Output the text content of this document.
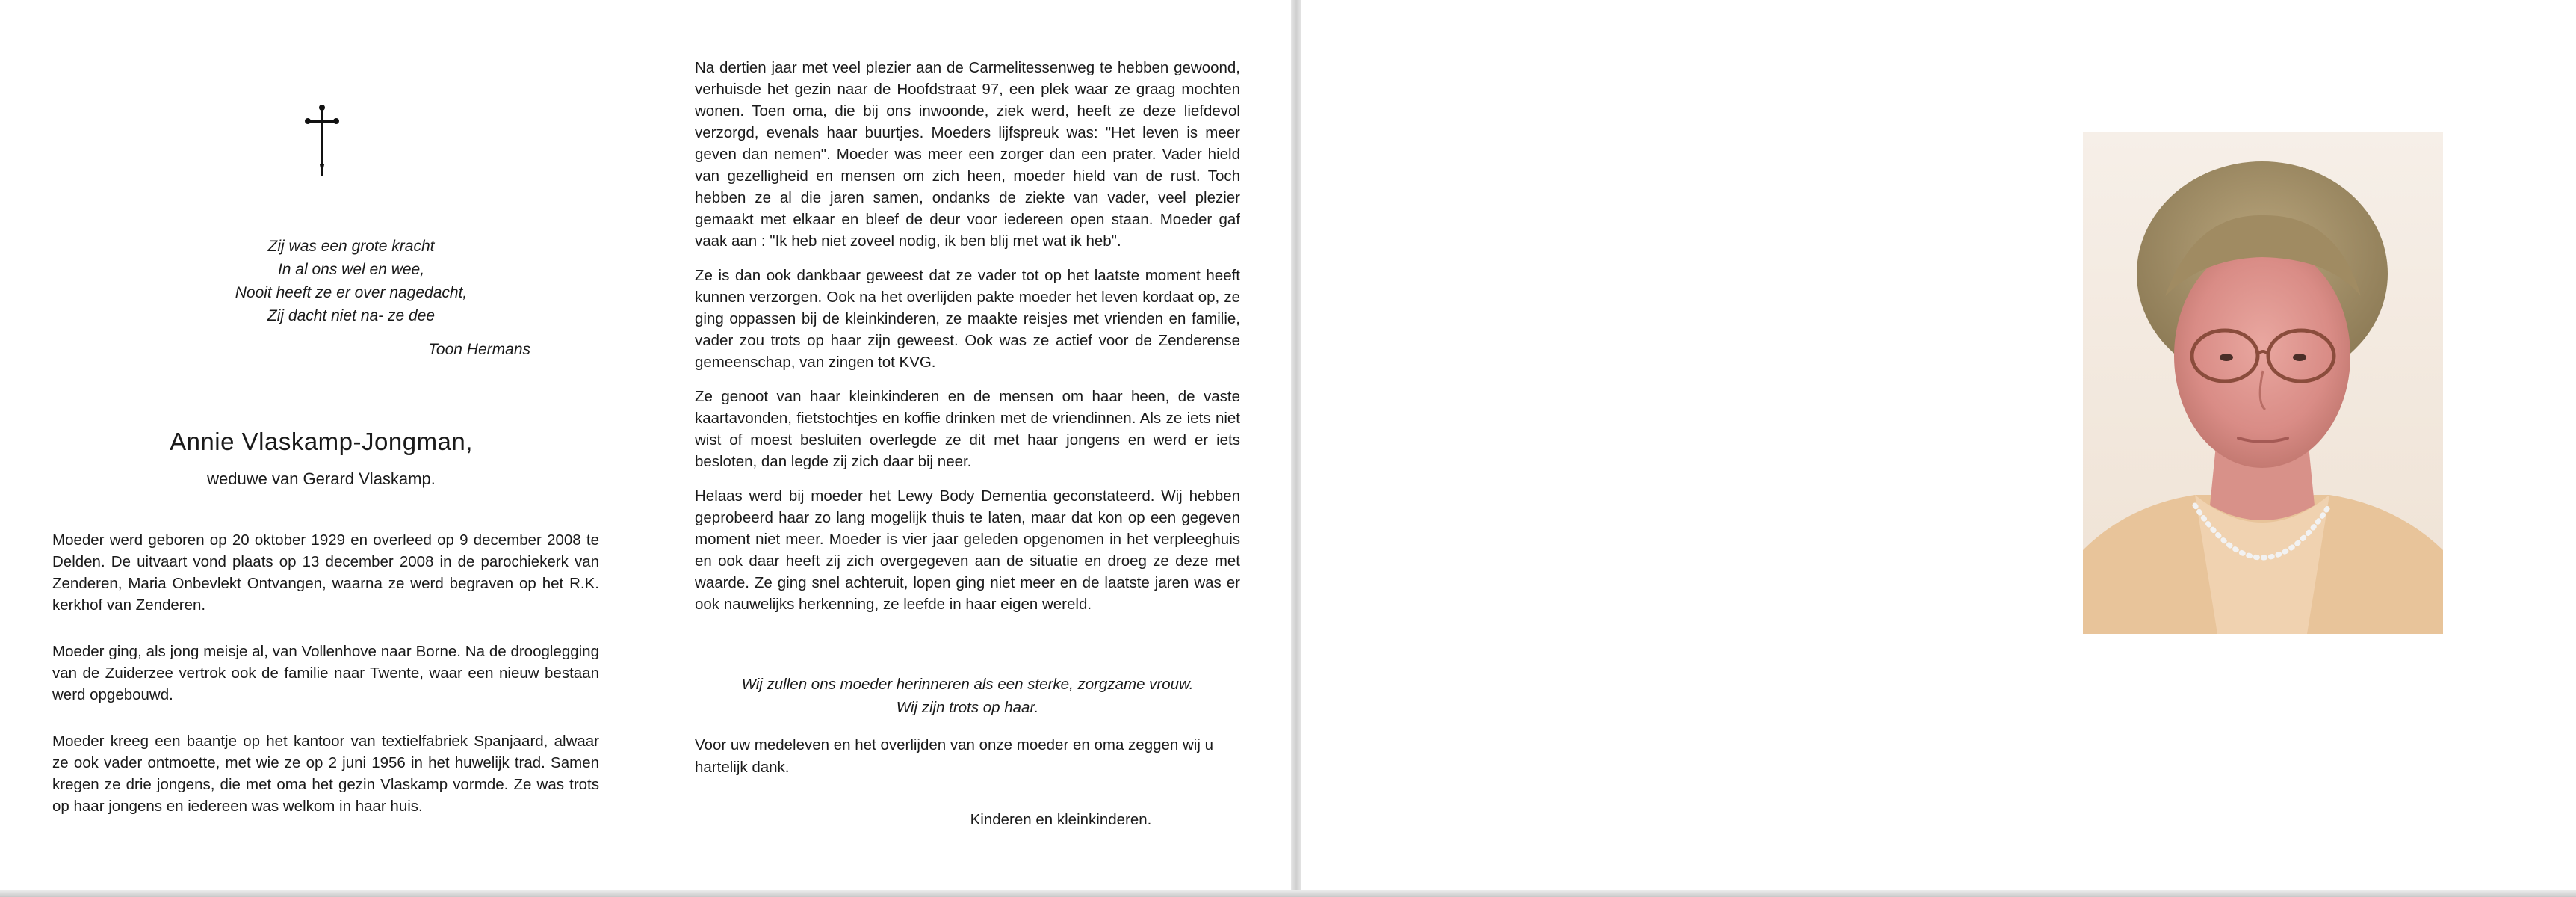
Zij was een grote kracht
In al ons wel en wee,
Nooit heeft ze er over nagedacht,
Zij dacht niet na- ze dee
Toon Hermans
Annie Vlaskamp-Jongman,
weduwe van Gerard Vlaskamp.

Moeder werd geboren op 20 oktober 1929 en overleed op 9 december 2008 te Delden. De uitvaart vond plaats op 13 december 2008 in de parochiekerk van Zenderen, Maria Onbevlekt Ontvangen, waarna ze werd begraven op het R.K. kerkhof van Zenderen.

Moeder ging, als jong meisje al, van Vollenhove naar Borne. Na de drooglegging van de Zuiderzee vertrok ook de familie naar Twente, waar een nieuw bestaan werd opgebouwd.

Moeder kreeg een baantje op het kantoor van textielfabriek Spanjaard, alwaar ze ook vader ontmoette, met wie ze op 2 juni 1956 in het huwelijk trad. Samen kregen ze drie jongens, die met oma het gezin Vlaskamp vormde. Ze was trots op haar jongens en iedereen was welkom in haar huis.

Na dertien jaar met veel plezier aan de Carmelitessenweg te hebben gewoond, verhuisde het gezin naar de Hoofdstraat 97, een plek waar ze graag mochten wonen. Toen oma, die bij ons inwoonde, ziek werd, heeft ze deze liefdevol verzorgd, evenals haar buurtjes. Moeders lijfspreuk was: "Het leven is meer geven dan nemen". Moeder was meer een zorger dan een prater. Vader hield van gezelligheid en mensen om zich heen, moeder hield van de rust. Toch hebben ze al die jaren samen, ondanks de ziekte van vader, veel plezier gemaakt met elkaar en bleef de deur voor iedereen open staan. Moeder gaf vaak aan : "Ik heb niet zoveel nodig, ik ben blij met wat ik heb".

Ze is dan ook dankbaar geweest dat ze vader tot op het laatste moment heeft kunnen verzorgen. Ook na het overlijden pakte moeder het leven kordaat op, ze ging oppassen bij de kleinkinderen, ze maakte reisjes met vrienden en familie, vader zou trots op haar zijn geweest. Ook was ze actief voor de Zenderense gemeenschap, van zingen tot KVG.

Ze genoot van haar kleinkinderen en de mensen om haar heen, de vaste kaartavonden, fietstochtjes en koffie drinken met de vriendinnen. Als ze iets niet wist of moest besluiten overlegde ze dit met haar jongens en werd er iets besloten, dan legde zij zich daar bij neer.

Helaas werd bij moeder het Lewy Body Dementia geconstateerd. Wij hebben geprobeerd haar zo lang mogelijk thuis te laten, maar dat kon op een gegeven moment niet meer. Moeder is vier jaar geleden opgenomen in het verpleeghuis en ook daar heeft zij zich overgegeven aan de situatie en droeg ze deze met waarde. Ze ging snel achteruit, lopen ging niet meer en de laatste jaren was er ook nauwelijks herkenning, ze leefde in haar eigen wereld.

Wij zullen ons moeder herinneren als een sterke, zorgzame vrouw.
Wij zijn trots op haar.
Voor uw medeleven en het overlijden van onze moeder en oma zeggen wij u hartelijk dank.
Kinderen en kleinkinderen.
